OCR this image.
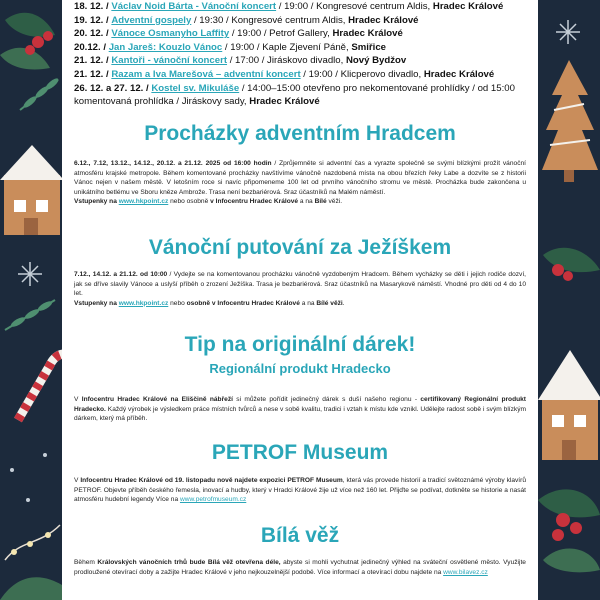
18. 12. / Václav Noid Bárta - Vánoční koncert / 19:00 / Kongresové centrum Aldis, Hradec Králové
19. 12. / Adventní gospely / 19:30 / Kongresové centrum Aldis, Hradec Králové
20. 12. / Vánoce Osmanyho Laffity / 19:00 / Petrof Gallery, Hradec Králové
20.12. / Jan Jareš: Kouzlo Vánoc / 19:00 / Kaple Zjevení Páně, Smiřice
21. 12. / Kantoři - vánoční koncert / 17:00 / Jiráskovo divadlo, Nový Bydžov
21. 12. / Razam a Iva Marešová – adventní koncert / 19:00 / Klicperovo divadlo, Hradec Králové
26. 12. a 27. 12. / Kostel sv. Mikuláše / 14:00–15:00 otevřeno pro nekomentované prohlídky / od 15:00 komentovaná prohlídka / Jiráskovy sady, Hradec Králové
Procházky adventním Hradcem
6.12., 7.12, 13.12., 14.12., 20.12. a 21.12. 2025 od 16:00 hodin / Zprůjemněte si adventní čas a vyrazte společně se svými blízkými prožít vánoční atmosféru krajské metropole. Během komentované procházky navštívíme vánočně nazdobená místa na obou březích řeky Labe a dozvíte se z historii Vánoc nejen v našem městě. V letošním roce si navíc připomeneme 100 let od prvního vánočního stromu ve městě. Procházka bude zakončena u unikátního betlému ve Sboru kněze Ambrože. Trasa není bezbariérová. Sraz účastníků na Malém náměstí.
Vstupenky na www.hkpoint.cz nebo osobně v Infocentru Hradec Králové a na Bílé věži.
Vánoční putování za Ježíškem
7.12., 14.12. a 21.12. od 10:00 / Vydejte se na komentovanou procházku vánočně vyzdobeným Hradcem. Během vycházky se děti i jejich rodiče dozví, jak se dříve slavily Vánoce a uslyší příběh o zrození Ježíška. Trasa je bezbariérová. Sraz účastníků na Masarykově náměstí. Vhodné pro děti od 4 do 10 let.
Vstupenky na www.hkpoint.cz nebo osobně v Infocentru Hradec Králové a na Bílé věži.
Tip na originální dárek!
Regionální produkt Hradecko
V Infocentru Hradec Králové na Eliščině nábřeží si můžete pořídit jedinečný dárek s duší našeho regionu - certifikovaný Regionální produkt Hradecko. Každý výrobek je výsledkem práce místních tvůrců a nese v sobě kvalitu, tradici i vztah k místu kde vznikl. Udělejte radost sobě i svým blízkým dárkem, který má příběh.
PETROF Museum
V Infocentru Hradec Králové od 19. listopadu nově najdete expozici PETROF Museum, která vás provede historií a tradicí světoznámé výroby klavírů PETROF. Objevte příběh českého řemesla, inovací a hudby, který v Hradci Králové žije už více než 160 let. Přijďte se podívat, dotkněte se historie a nasát atmosféru hudební legendy Více na www.petrofmuseum.cz
Bílá věž
Během Královských vánočních trhů bude Bílá věž otevřena déle, abyste si mohli vychutnat jedinečný výhled na sváteční osvětlené město. Využijte prodloužené otevírací doby a zažijte Hradec Králové v jeho nejkouzelnější podobě. Více informací a otevírací dobu najdete na www.bilavez.cz
